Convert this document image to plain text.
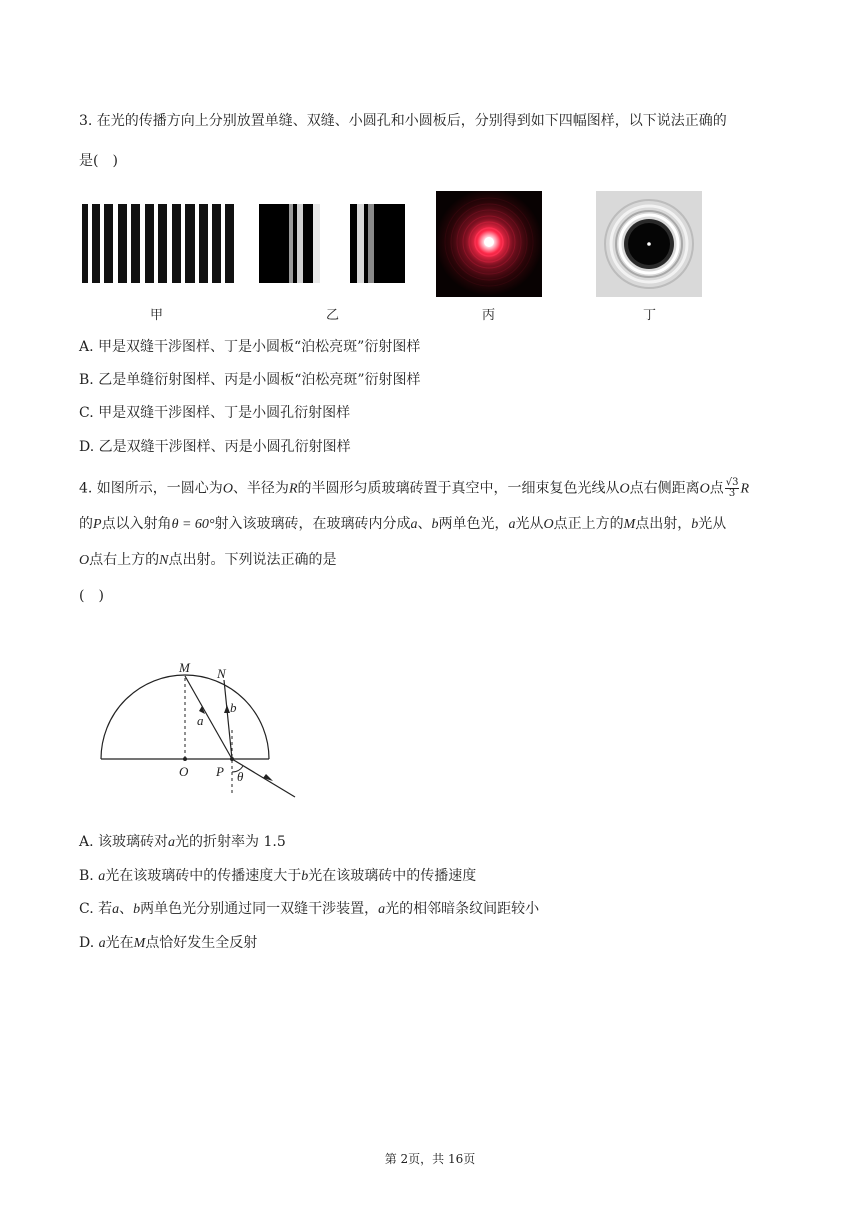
3. 在光的传播方向上分别放置单缝、双缝、小圆孔和小圆板后，分别得到如下四幅图样，以下说法正确的
是(　)
甲	乙	丙	丁
A. 甲是双缝干涉图样、丁是小圆板“泊松亮斑”衍射图样
B. 乙是单缝衍射图样、丙是小圆板“泊松亮斑”衍射图样
C. 甲是双缝干涉图样、丁是小圆孔衍射图样
D. 乙是双缝干涉图样、丙是小圆孔衍射图样
4. 如图所示，一圆心为O、半径为R的半圆形匀质玻璃砖置于真空中，一细束复色光线从O点右侧距离O点 $\frac{√3}{3}$ R
的P点以入射角θ = 60°射入该玻璃砖，在玻璃砖内分成a、b两单色光，a光从O点正上方的M点出射，b光从
O点右上方的N点出射。下列说法正确的是
(　)
M N
a
b
O P θ
A. 该玻璃砖对a光的折射率为 1.5
B. a光在该玻璃砖中的传播速度大于b光在该玻璃砖中的传播速度
C. 若a、b两单色光分别通过同一双缝干涉装置，a光的相邻暗条纹间距较小
D. a光在M点恰好发生全反射
第 2页，共 16页
